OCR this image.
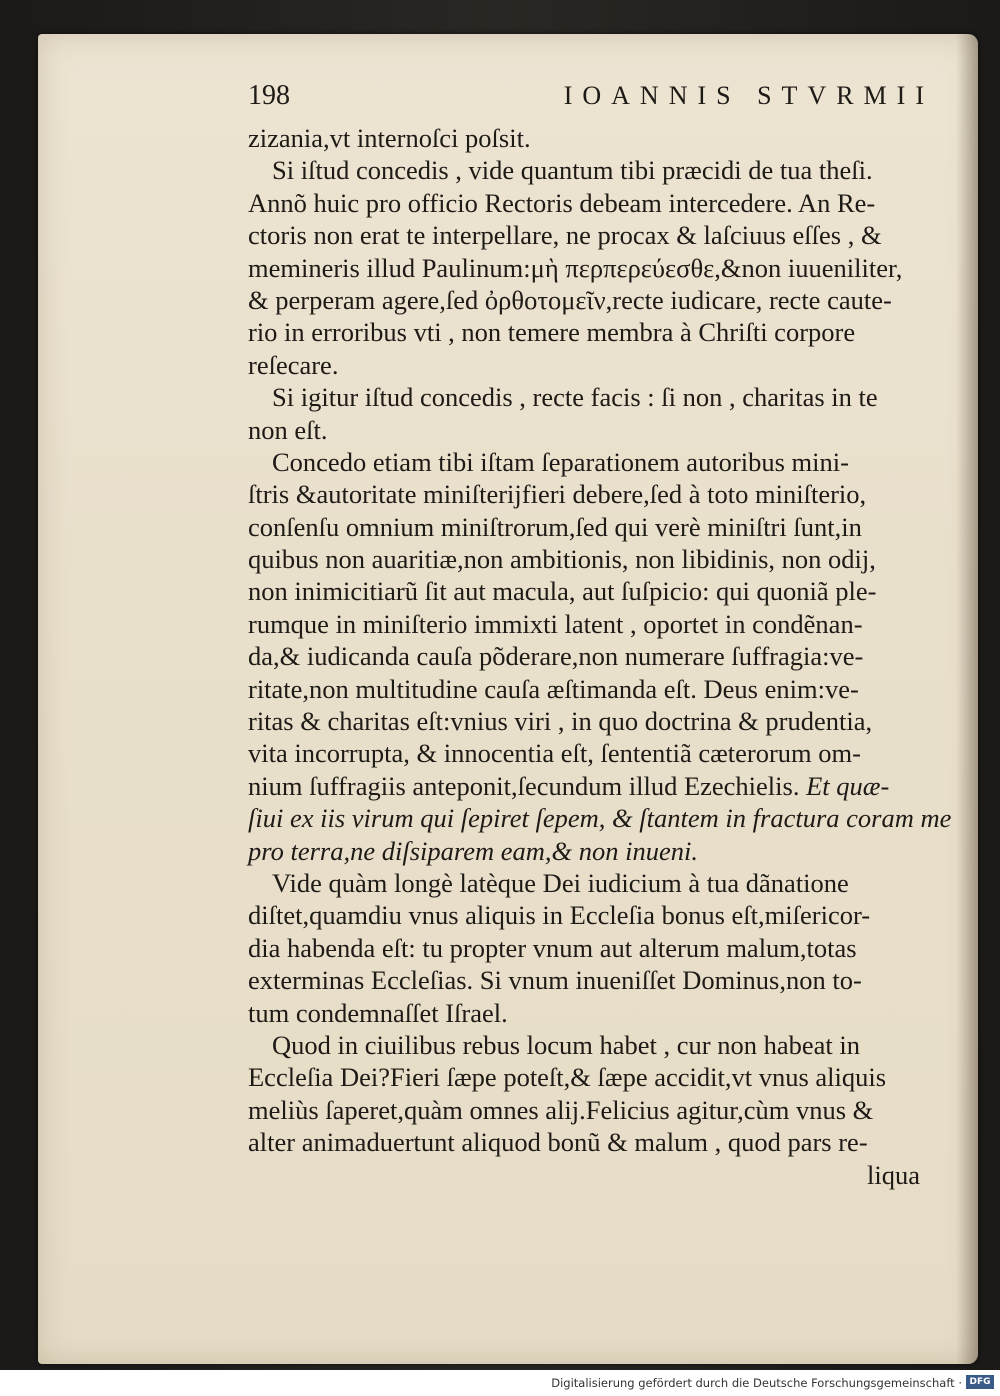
198	IOANNIS STVRMII
zizania,vt internoſci poſsit.
Si iſtud concedis , vide quantum tibi præcidi de tua theſi.
Annõ huic pro officio Rectoris debeam intercedere. An Re-
ctoris non erat te interpellare, ne procax & laſciuus eſſes , &
memineris illud Paulinum:μὴ περπερεύεσθε,&non iuueniliter,
& perperam agere,ſed ὀρθοτομεῖν,recte iudicare, recte caute-
rio in erroribus vti , non temere membra à Chriſti corpore
reſecare.
Si igitur iſtud concedis , recte facis : ſi non , charitas in te
non eſt.
Concedo etiam tibi iſtam ſeparationem autoribus mini-
ſtris &autoritate miniſterijfieri debere,ſed à toto miniſterio,
conſenſu omnium miniſtrorum,ſed qui verè miniſtri ſunt,in
quibus non auaritiæ,non ambitionis, non libidinis, non odij,
non inimicitiarũ ſit aut macula, aut ſuſpicio: qui quoniã ple-
rumque in miniſterio immixti latent , oportet in condẽnan-
da,& iudicanda cauſa põderare,non numerare ſuffragia:ve-
ritate,non multitudine cauſa æſtimanda eſt. Deus enim:ve-
ritas & charitas eſt:vnius viri , in quo doctrina & prudentia,
vita incorrupta, & innocentia eſt, ſententiã cæterorum om-
nium ſuffragiis anteponit,ſecundum illud Ezechielis. Et quæ-
ſiui ex iis virum qui ſepiret ſepem, & ſtantem in fractura coram me
pro terra,ne diſsiparem eam,& non inueni.
Vide quàm longè latèque Dei iudicium à tua dãnatione
diſtet,quamdiu vnus aliquis in Eccleſia bonus eſt,miſericor-
dia habenda eſt: tu propter vnum aut alterum malum,totas
exterminas Eccleſias. Si vnum inueniſſet Dominus,non to-
tum condemnaſſet Iſrael.
Quod in ciuilibus rebus locum habet , cur non habeat in
Eccleſia Dei?Fieri ſæpe poteſt,& ſæpe accidit,vt vnus aliquis
meliùs ſaperet,quàm omnes alij.Felicius agitur,cùm vnus &
alter animaduertunt aliquod bonũ & malum , quod pars re-
liqua
Digitalisierung gefördert durch die Deutsche Forschungsgemeinschaft · DFG
